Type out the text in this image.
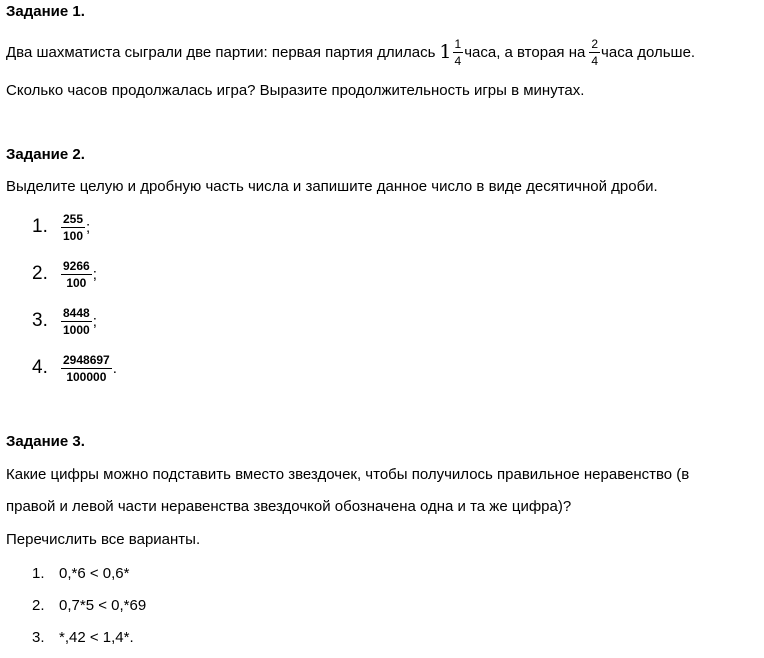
Задание 1.
Два шахматиста сыграли две партии: первая партия длилась $1 \frac{1}{4}$ часа, а вторая на $\frac{2}{4}$ часа дольше.
Сколько часов продолжалась игра? Выразите продолжительность игры в минутах.
Задание 2.
Выделите целую и дробную часть числа и запишите данное число в виде десятичной дроби.
1.	$\frac{255}{100}$ ;
2.	$\frac{9266}{100}$ ;
3.	$\frac{8448}{1000}$ ;
4.	$\frac{2948697}{100000}$ .
Задание 3.
Какие цифры можно подставить вместо звездочек, чтобы получилось правильное неравенство (в
правой и левой части неравенства звездочкой обозначена одна и та же цифра)?
Перечислить все варианты.
1. 0,*6 < 0,6*
2. 0,7*5 < 0,*69
3. *,42 < 1,4*.
